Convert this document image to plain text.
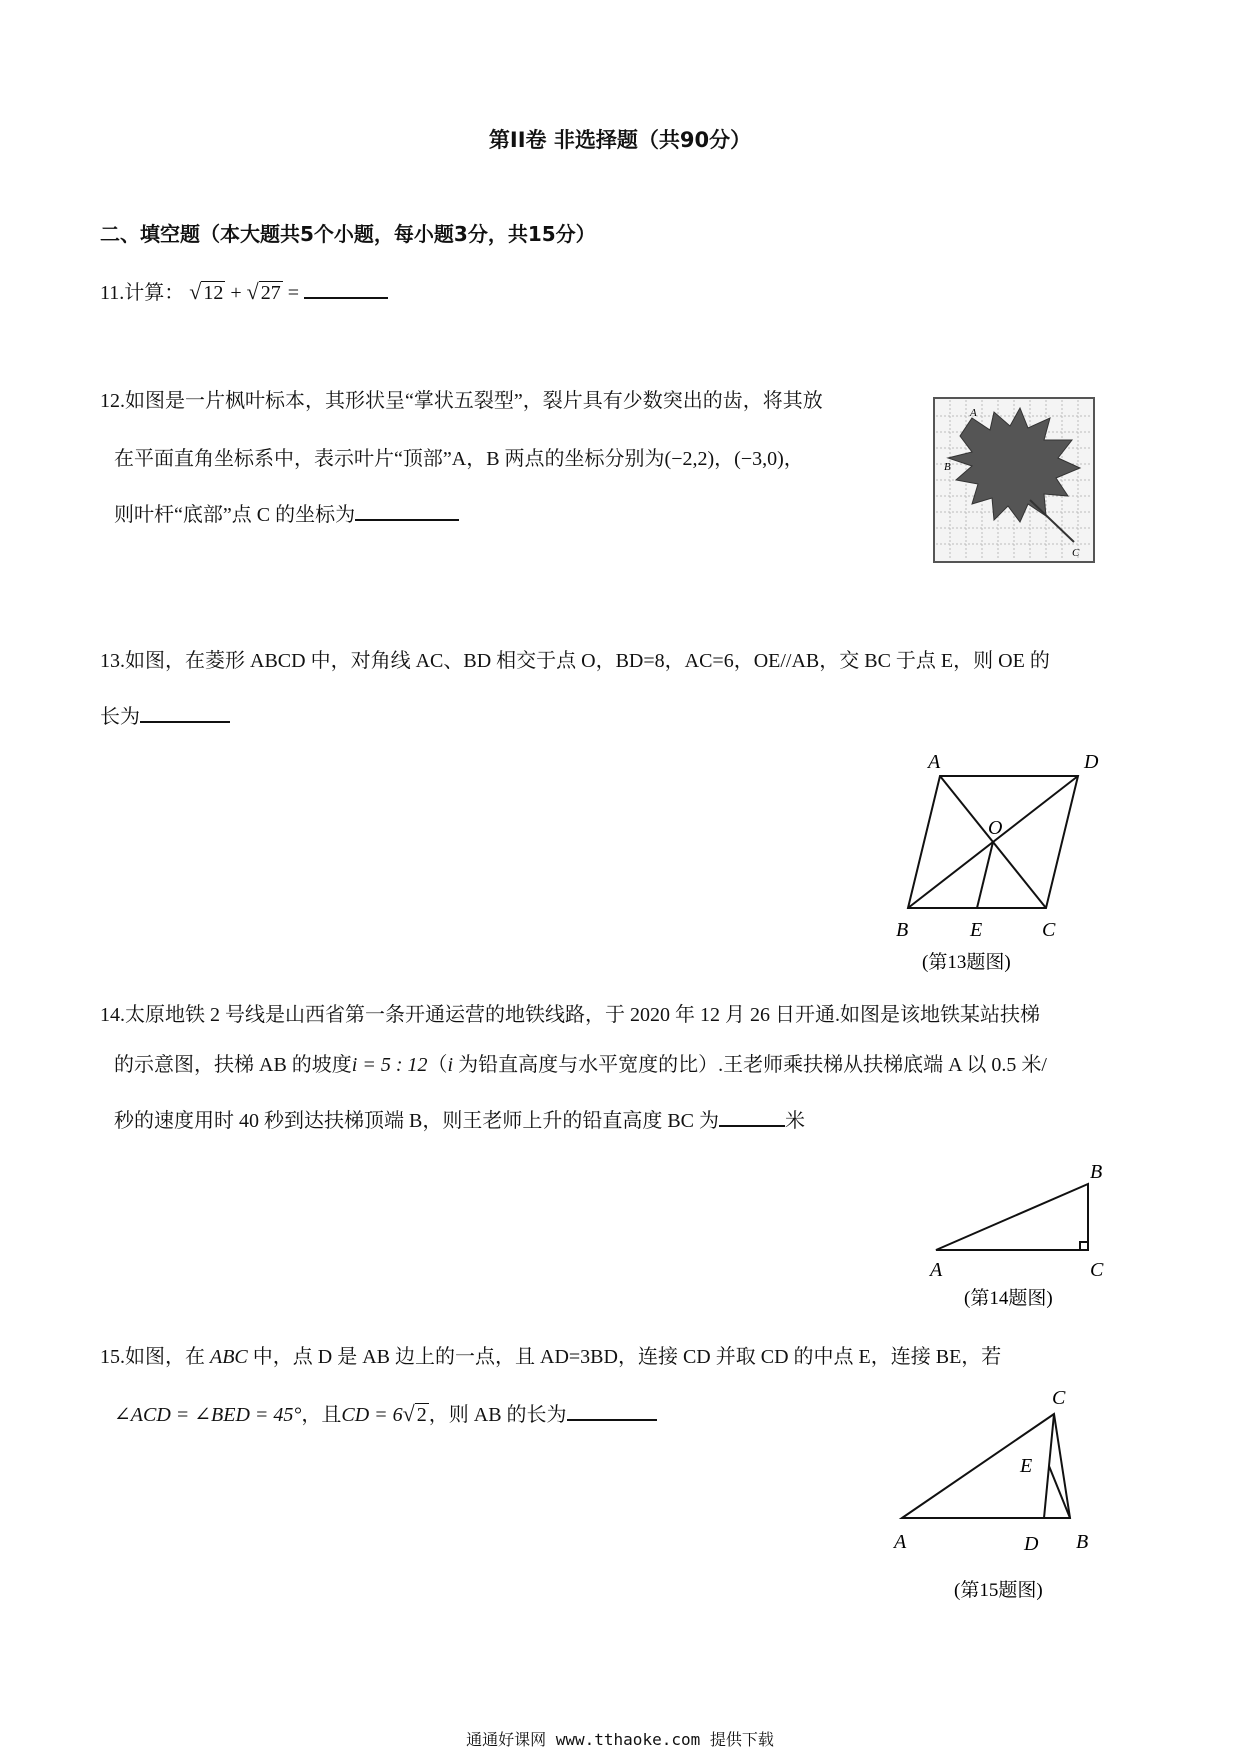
第II卷 非选择题（共90分）
二、填空题（本大题共5个小题，每小题3分，共15分）
11.计算： √ 12 + √ 27 =
12.如图是一片枫叶标本，其形状呈“掌状五裂型”，裂片具有少数突出的齿，将其放
在平面直角坐标系中，表示叶片“顶部”A，B 两点的坐标分别为(−2,2)，(−3,0)，
则叶杆“底部”点 C 的坐标为
A
B
C
13.如图，在菱形 ABCD 中，对角线 AC、BD 相交于点 O，BD=8，AC=6，OE//AB，交 BC 于点 E，则 OE 的
长为
A	D
O
B	E	C
(第13题图)
14.太原地铁 2 号线是山西省第一条开通运营的地铁线路，于 2020 年 12 月 26 日开通.如图是该地铁某站扶梯
的示意图，扶梯 AB 的坡度i = 5 : 12（i 为铅直高度与水平宽度的比）.王老师乘扶梯从扶梯底端 A 以 0.5 米/
秒的速度用时 40 秒到达扶梯顶端 B，则王老师上升的铅直高度 BC 为	米
B
A	C
(第14题图)
15.如图，在 ABC 中，点 D 是 AB 边上的一点，且 AD=3BD，连接 CD 并取 CD 的中点 E，连接 BE，若
∠ACD = ∠BED = 45°，且CD = 6 √ 2 ，则 AB 的长为
C
E
A	D B
(第15题图)
通通好课网 www.tthaoke.com 提供下载
